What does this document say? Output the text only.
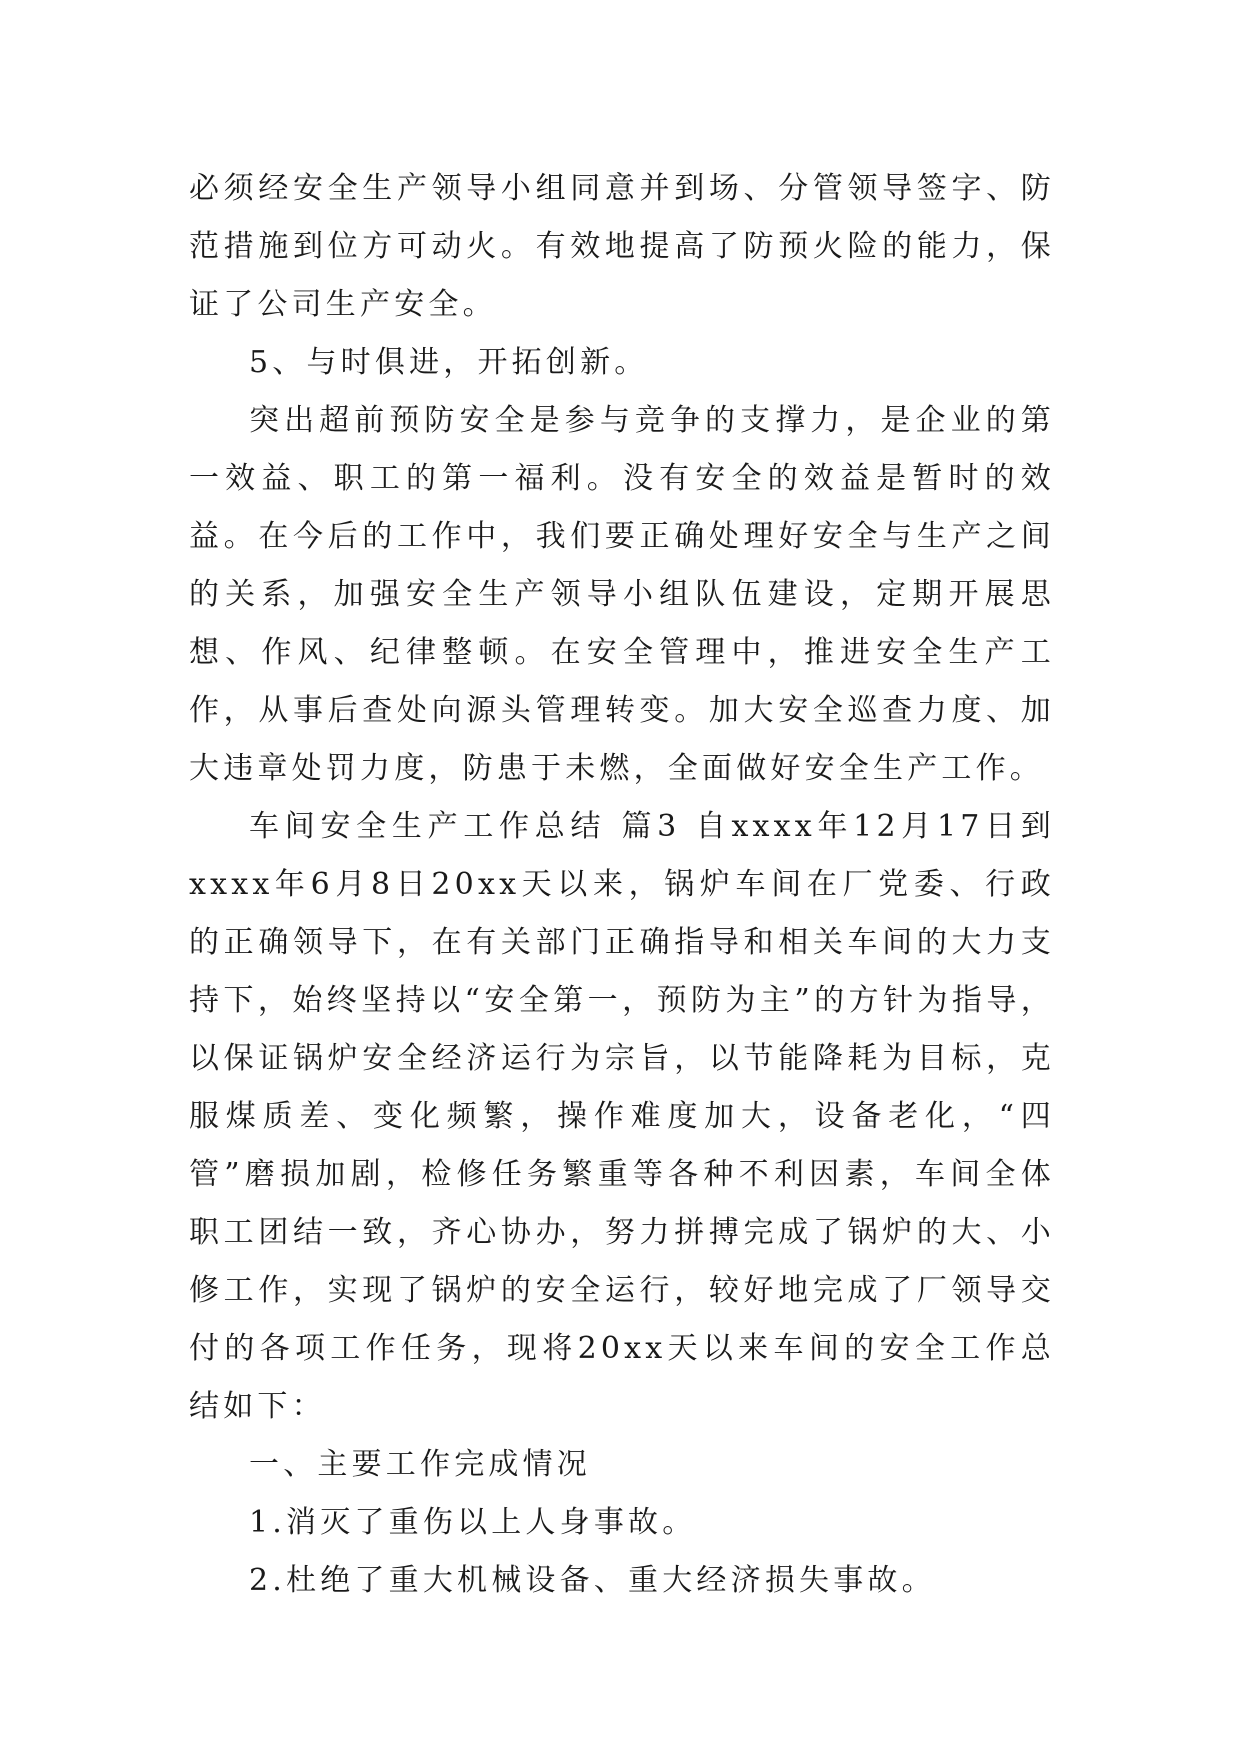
必须经安全生产领导小组同意并到场、分管领导签字、防范措施到位方可动火。有效地提高了防预火险的能力，保证了公司生产安全。

5、与时俱进，开拓创新。

突出超前预防安全是参与竞争的支撑力，是企业的第一效益、职工的第一福利。没有安全的效益是暂时的效益。在今后的工作中，我们要正确处理好安全与生产之间的关系，加强安全生产领导小组队伍建设，定期开展思想、作风、纪律整顿。在安全管理中，推进安全生产工作，从事后查处向源头管理转变。加大安全巡查力度、加大违章处罚力度，防患于未燃，全面做好安全生产工作。

车间安全生产工作总结 篇3 自xxxx年12月17日到xxxx年6月8日20xx天以来，锅炉车间在厂党委、行政的正确领导下，在有关部门正确指导和相关车间的大力支持下，始终坚持以“安全第一，预防为主”的方针为指导，以保证锅炉安全经济运行为宗旨，以节能降耗为目标，克服煤质差、变化频繁，操作难度加大，设备老化，“四管”磨损加剧，检修任务繁重等各种不利因素，车间全体职工团结一致，齐心协办，努力拼搏完成了锅炉的大、小修工作，实现了锅炉的安全运行，较好地完成了厂领导交付的各项工作任务，现将20xx天以来车间的安全工作总结如下：

一、主要工作完成情况

1.消灭了重伤以上人身事故。

2.杜绝了重大机械设备、重大经济损失事故。
